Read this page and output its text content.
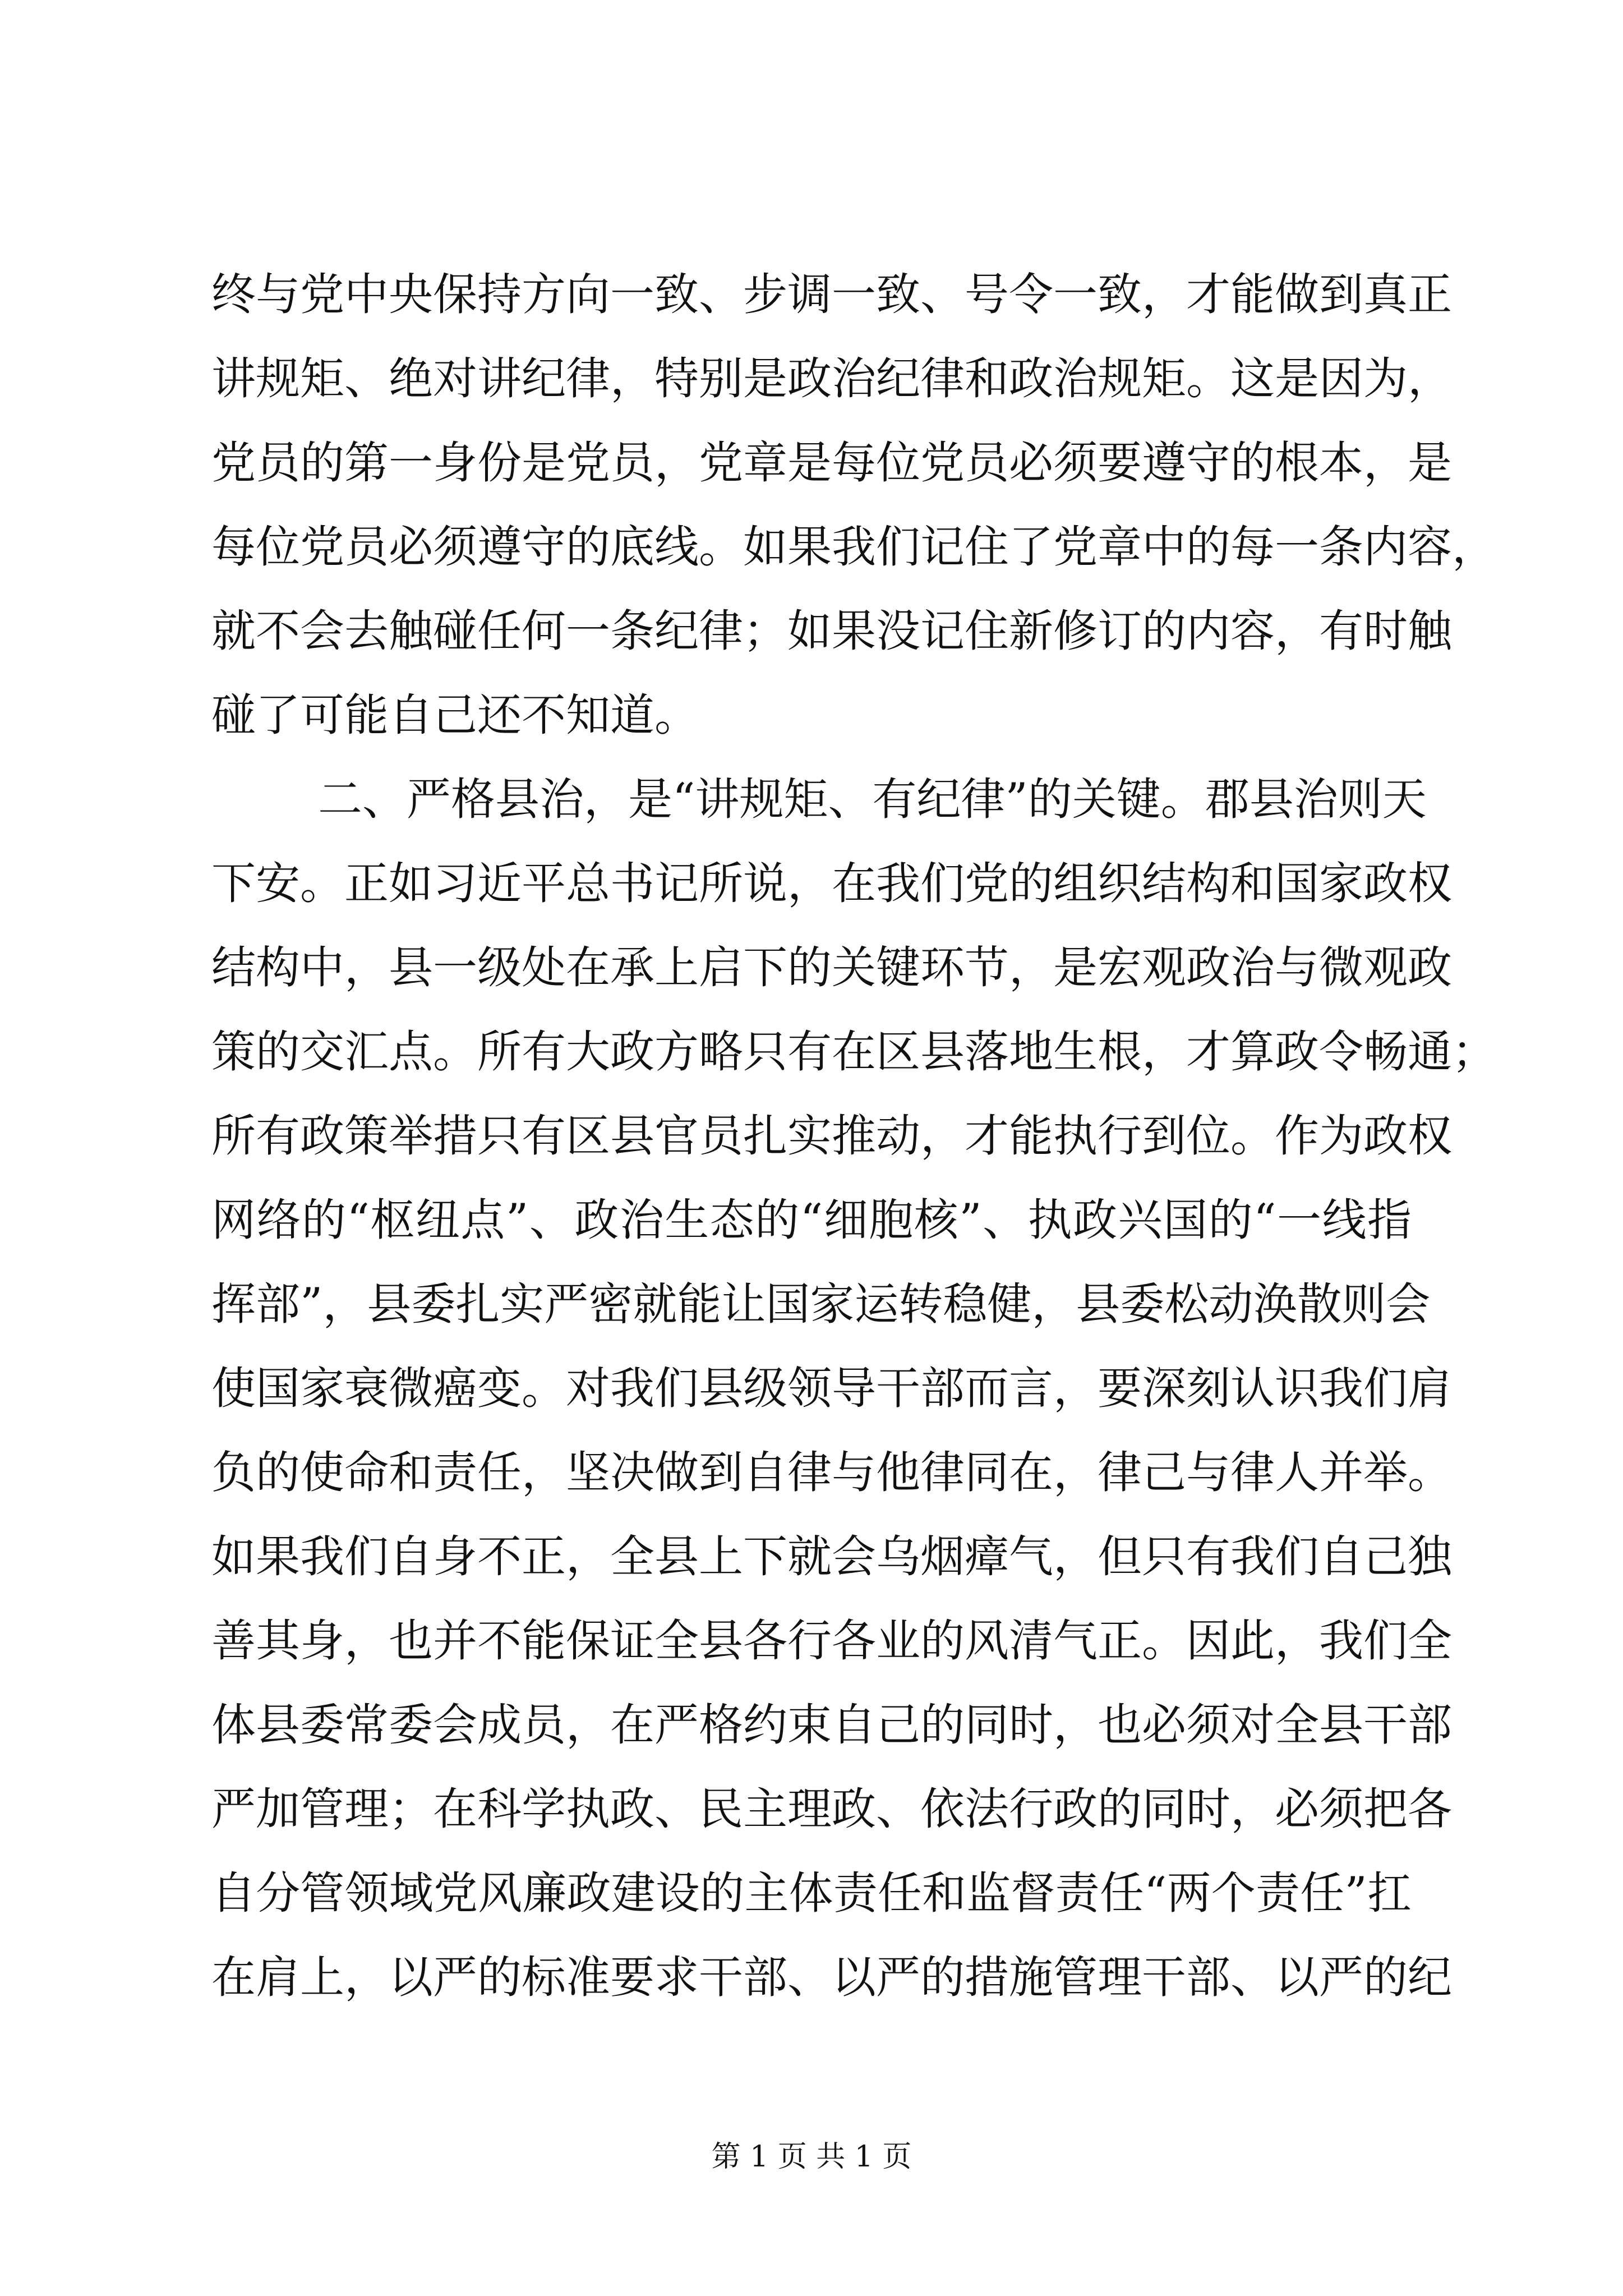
终与党中央保持方向一致、步调一致、号令一致，才能做到真正
讲规矩、绝对讲纪律，特别是政治纪律和政治规矩。这是因为，
党员的第一身份是党员，党章是每位党员必须要遵守的根本，是
每位党员必须遵守的底线。如果我们记住了党章中的每一条内容，
就不会去触碰任何一条纪律；如果没记住新修订的内容，有时触
碰了可能自己还不知道。
二、严格县治，是“讲规矩、有纪律”的关键。郡县治则天
下安。正如习近平总书记所说，在我们党的组织结构和国家政权
结构中，县一级处在承上启下的关键环节，是宏观政治与微观政
策的交汇点。所有大政方略只有在区县落地生根，才算政令畅通；
所有政策举措只有区县官员扎实推动，才能执行到位。作为政权
网络的“枢纽点”、政治生态的“细胞核”、执政兴国的“一线指
挥部”，县委扎实严密就能让国家运转稳健，县委松动涣散则会
使国家衰微癌变。对我们县级领导干部而言，要深刻认识我们肩
负的使命和责任，坚决做到自律与他律同在，律己与律人并举。
如果我们自身不正，全县上下就会乌烟瘴气，但只有我们自己独
善其身，也并不能保证全县各行各业的风清气正。因此，我们全
体县委常委会成员，在严格约束自己的同时，也必须对全县干部
严加管理；在科学执政、民主理政、依法行政的同时，必须把各
自分管领域党风廉政建设的主体责任和监督责任“两个责任”扛
在肩上，以严的标准要求干部、以严的措施管理干部、以严的纪
第 1 页 共 1 页
